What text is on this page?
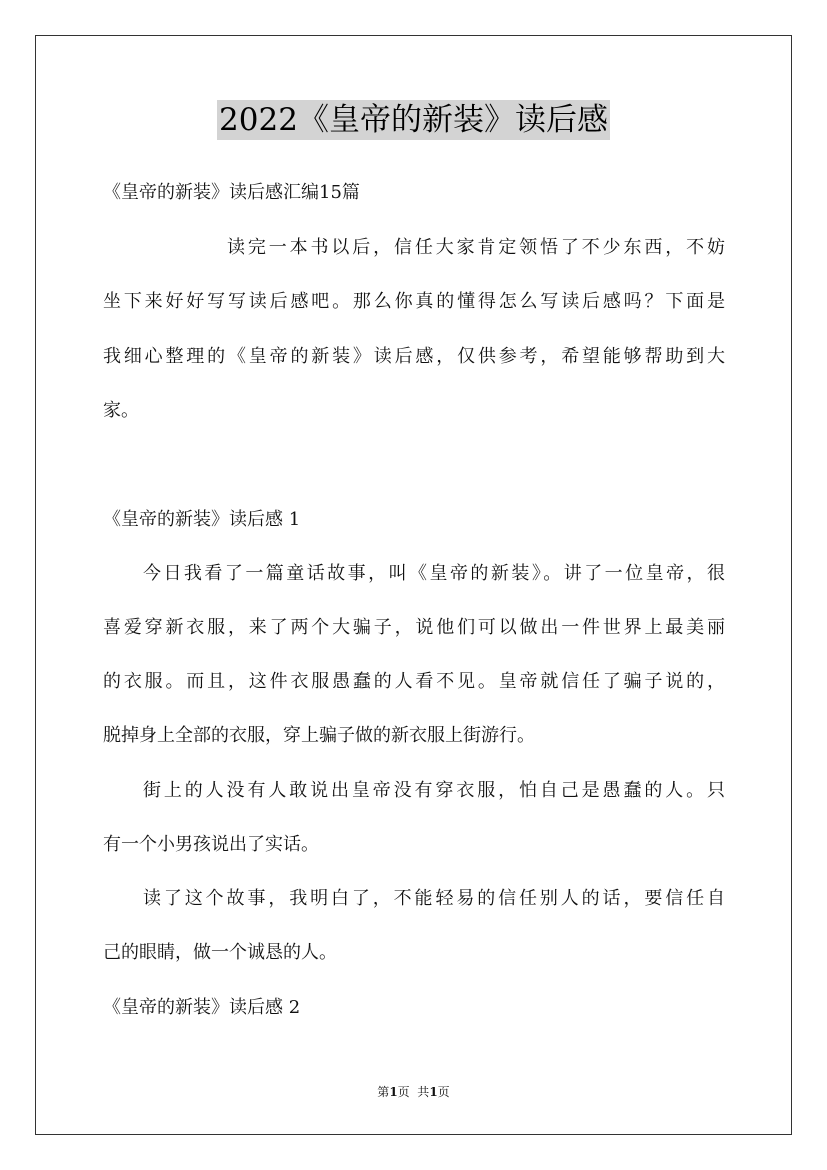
2022《皇帝的新装》读后感
《皇帝的新装》读后感汇编15篇
读完一本书以后，信任大家肯定领悟了不少东西，不妨
坐下来好好写写读后感吧。那么你真的懂得怎么写读后感吗？下面是
我细心整理的《皇帝的新装》读后感，仅供参考，希望能够帮助到大
家。
《皇帝的新装》读后感 1
今日我看了一篇童话故事，叫《皇帝的新装》。讲了一位皇帝，很
喜爱穿新衣服，来了两个大骗子，说他们可以做出一件世界上最美丽
的衣服。而且，这件衣服愚蠢的人看不见。皇帝就信任了骗子说的，
脱掉身上全部的衣服，穿上骗子做的新衣服上街游行。
街上的人没有人敢说出皇帝没有穿衣服，怕自己是愚蠢的人。只
有一个小男孩说出了实话。
读了这个故事，我明白了，不能轻易的信任别人的话，要信任自
己的眼睛，做一个诚恳的人。
《皇帝的新装》读后感 2
第1页  共1页
